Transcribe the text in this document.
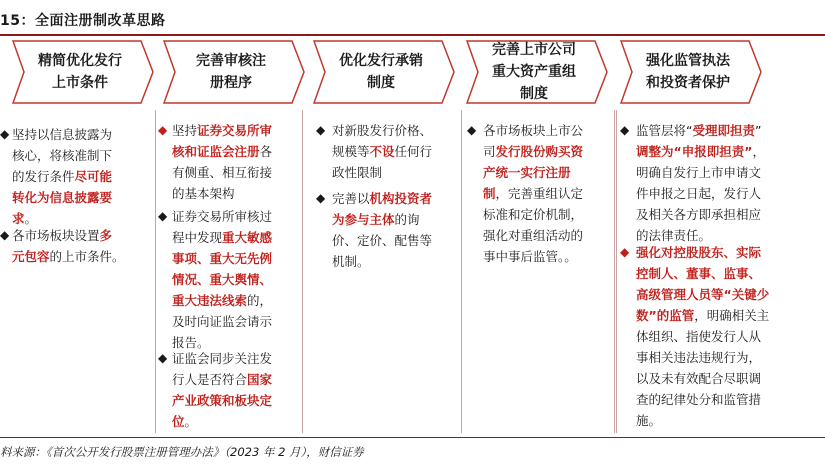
15：全面注册制改革思路
精简优化发行
上市条件
完善审核注
册程序
优化发行承销
制度
完善上市公司
重大资产重组
制度
强化监管执法
和投资者保护
◆ 坚持以信息披露为
核心，将核准制下
的发行条件尽可能
转化为信息披露要
求。
◆ 各市场板块设置多
元包容的上市条件。
◆ 坚持证券交易所审
核和证监会注册各
有侧重、相互衔接
的基本架构
◆ 证券交易所审核过
程中发现重大敏感
事项、重大无先例
情况、重大舆情、
重大违法线索的，
及时向证监会请示
报告。
◆ 证监会同步关注发
行人是否符合国家
产业政策和板块定
位。
◆ 对新股发行价格、
规模等不设任何行
政性限制
◆ 完善以机构投资者
为参与主体的询
价、定价、配售等
机制。
◆ 各市场板块上市公
司发行股份购买资
产统一实行注册
制，完善重组认定
标准和定价机制，
强化对重组活动的
事中事后监管。。
◆ 监管层将“受理即担责”
调整为“申报即担责”，
明确自发行上市申请文
件申报之日起，发行人
及相关各方即承担相应
的法律责任。
◆ 强化对控股股东、实际
控制人、董事、监事、
高级管理人员等“关键少
数”的监管，明确相关主
体组织、指使发行人从
事相关违法违规行为，
以及未有效配合尽职调
查的纪律处分和监管措
施。
料来源：《首次公开发行股票注册管理办法》（2023 年 2 月），财信证券
